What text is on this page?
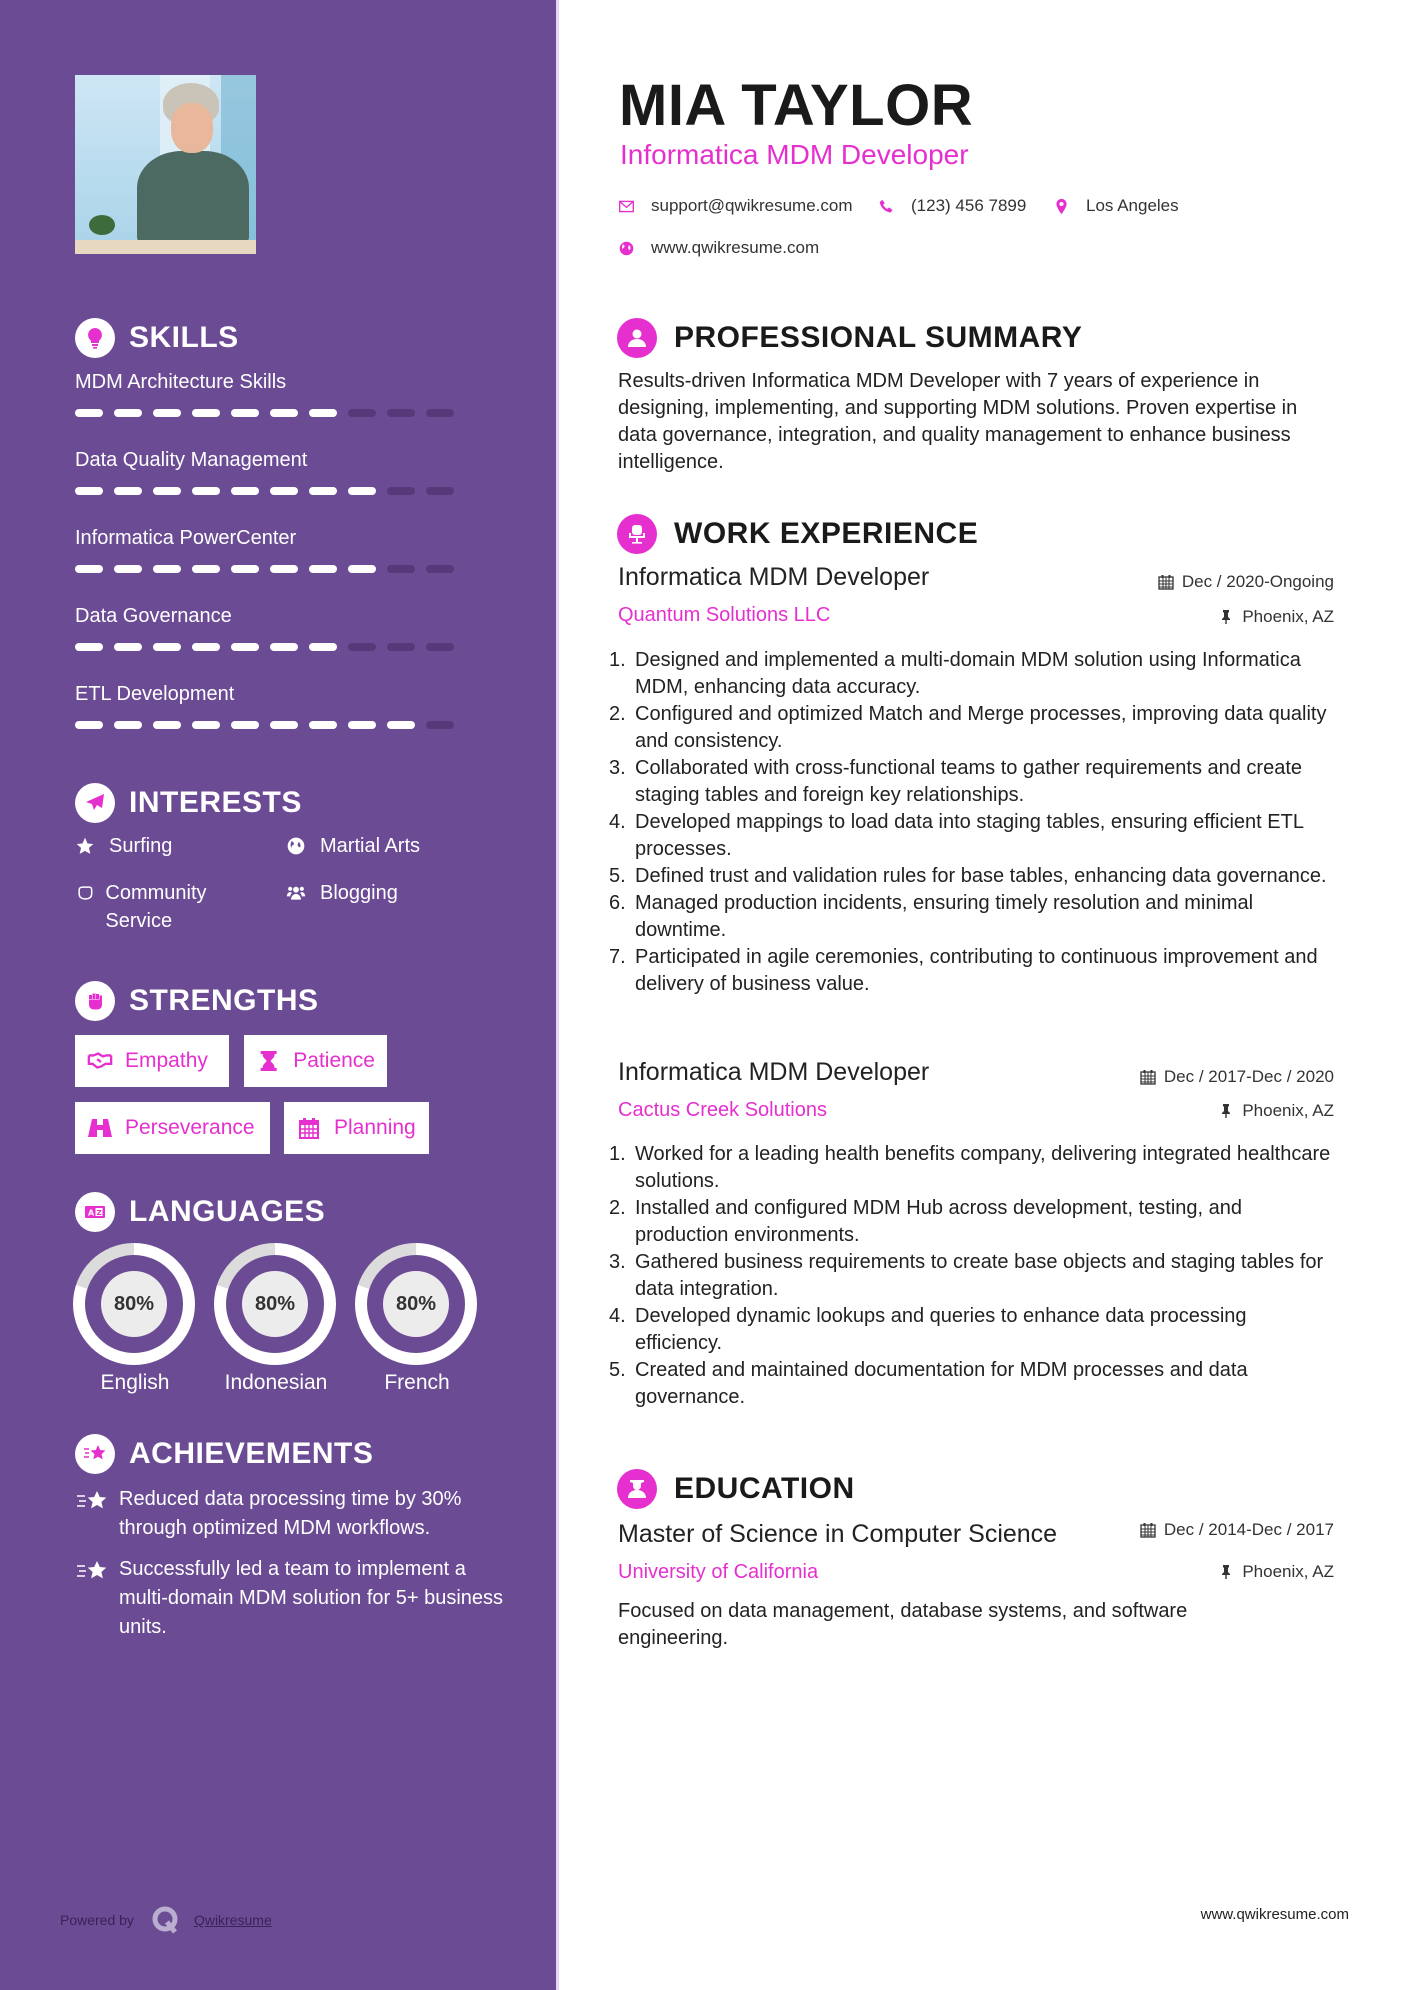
SKILLS
MDM Architecture Skills
Data Quality Management
Informatica PowerCenter
Data Governance
ETL Development
INTERESTS
Surfing	Martial Arts
Community Service
Blogging
STRENGTHS
Empathy	Patience
Perseverance	Planning
A Z LANGUAGES
80%
English
80%
Indonesian
80%
French
ACHIEVEMENTS
Reduced data processing time by 30% through optimized MDM workflows.
Successfully led a team to implement a multi-domain MDM solution for 5+ business units.
Powered by	Qwikresume
MIA TAYLOR
Informatica MDM Developer
support@qwikresume.com	(123) 456 7899	Los Angeles
www.qwikresume.com
PROFESSIONAL SUMMARY
Results-driven Informatica MDM Developer with 7 years of experience in designing, implementing, and supporting MDM solutions. Proven expertise in data governance, integration, and quality management to enhance business intelligence.
WORK EXPERIENCE
Informatica MDM Developer	Dec / 2020-Ongoing
Quantum Solutions LLC	Phoenix, AZ
1. Designed and implemented a multi-domain MDM solution using Informatica MDM, enhancing data accuracy.
2. Configured and optimized Match and Merge processes, improving data quality and consistency.
3. Collaborated with cross-functional teams to gather requirements and create staging tables and foreign key relationships.
4. Developed mappings to load data into staging tables, ensuring efficient ETL processes.
5. Defined trust and validation rules for base tables, enhancing data governance.
6. Managed production incidents, ensuring timely resolution and minimal downtime.
7. Participated in agile ceremonies, contributing to continuous improvement and delivery of business value.
Informatica MDM Developer	Dec / 2017-Dec / 2020
Cactus Creek Solutions	Phoenix, AZ
1. Worked for a leading health benefits company, delivering integrated healthcare solutions.
2. Installed and configured MDM Hub across development, testing, and production environments.
3. Gathered business requirements to create base objects and staging tables for data integration.
4. Developed dynamic lookups and queries to enhance data processing efficiency.
5. Created and maintained documentation for MDM processes and data governance.
EDUCATION
Master of Science in Computer Science	Dec / 2014-Dec / 2017
University of California	Phoenix, AZ
Focused on data management, database systems, and software engineering.
www.qwikresume.com
